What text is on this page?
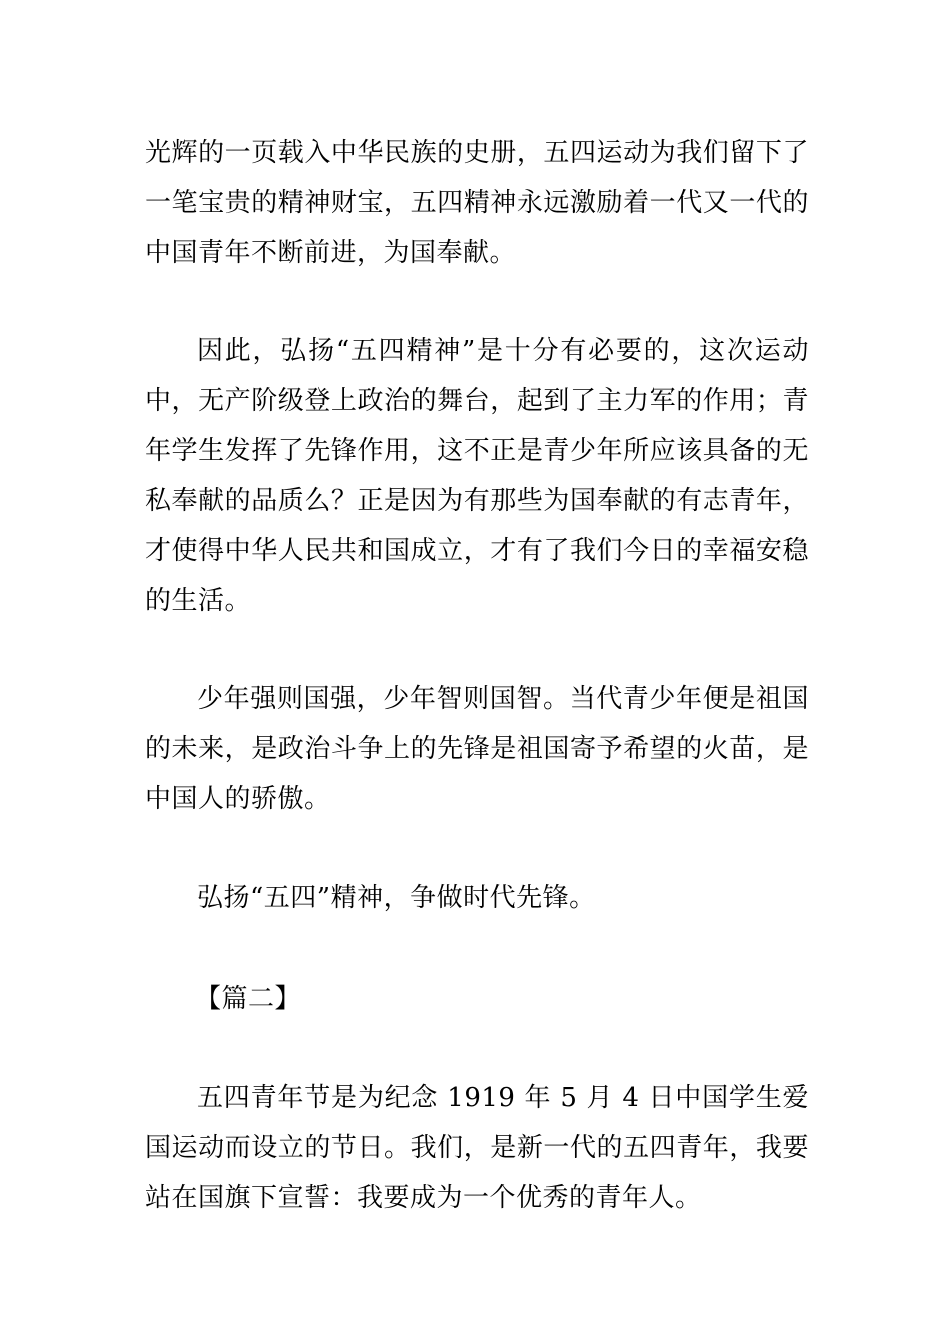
光辉的一页载入中华民族的史册，五四运动为我们留下了一笔宝贵的精神财宝，五四精神永远激励着一代又一代的中国青年不断前进，为国奉献。

因此，弘扬“五四精神”是十分有必要的，这次运动中，无产阶级登上政治的舞台，起到了主力军的作用；青年学生发挥了先锋作用，这不正是青少年所应该具备的无私奉献的品质么？正是因为有那些为国奉献的有志青年，才使得中华人民共和国成立，才有了我们今日的幸福安稳的生活。

少年强则国强，少年智则国智。当代青少年便是祖国的未来，是政治斗争上的先锋是祖国寄予希望的火苗，是中国人的骄傲。

弘扬“五四”精神，争做时代先锋。

【篇二】

五四青年节是为纪念 1919 年 5 月 4 日中国学生爱国运动而设立的节日。我们，是新一代的五四青年，我要站在国旗下宣誓：我要成为一个优秀的青年人。
